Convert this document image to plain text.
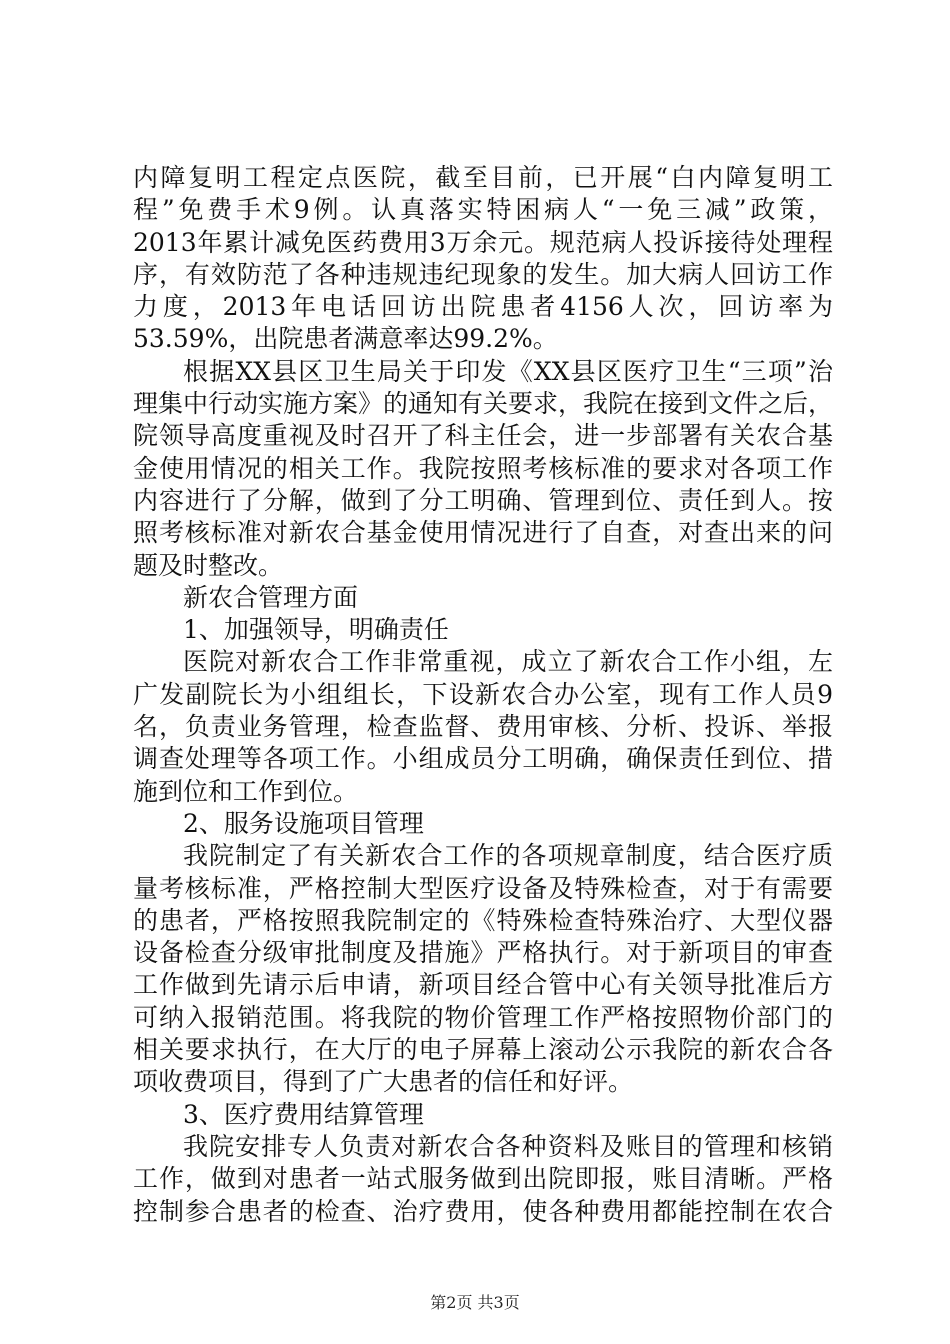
内障复明工程定点医院，截至目前，已开展“白内障复明工
程”免费手术9例。认真落实特困病人“一免三减”政策，
2013年累计减免医药费用3万余元。规范病人投诉接待处理程
序，有效防范了各种违规违纪现象的发生。加大病人回访工作
力度，2013年电话回访出院患者4156人次，回访率为
53.59%，出院患者满意率达99.2%。
根据XX县区卫生局关于印发《XX县区医疗卫生“三项”治
理集中行动实施方案》的通知有关要求，我院在接到文件之后，
院领导高度重视及时召开了科主任会，进一步部署有关农合基
金使用情况的相关工作。我院按照考核标准的要求对各项工作
内容进行了分解，做到了分工明确、管理到位、责任到人。按
照考核标准对新农合基金使用情况进行了自查，对查出来的问
题及时整改。
新农合管理方面
1、加强领导，明确责任
医院对新农合工作非常重视，成立了新农合工作小组，左
广发副院长为小组组长，下设新农合办公室，现有工作人员9
名，负责业务管理，检查监督、费用审核、分析、投诉、举报
调查处理等各项工作。小组成员分工明确，确保责任到位、措
施到位和工作到位。
2、服务设施项目管理
我院制定了有关新农合工作的各项规章制度，结合医疗质
量考核标准，严格控制大型医疗设备及特殊检查，对于有需要
的患者，严格按照我院制定的《特殊检查特殊治疗、大型仪器
设备检查分级审批制度及措施》严格执行。对于新项目的审查
工作做到先请示后申请，新项目经合管中心有关领导批准后方
可纳入报销范围。将我院的物价管理工作严格按照物价部门的
相关要求执行，在大厅的电子屏幕上滚动公示我院的新农合各
项收费项目，得到了广大患者的信任和好评。
3、医疗费用结算管理
我院安排专人负责对新农合各种资料及账目的管理和核销
工作，做到对患者一站式服务做到出院即报，账目清晰。严格
控制参合患者的检查、治疗费用，使各种费用都能控制在农合
第2页 共3页
